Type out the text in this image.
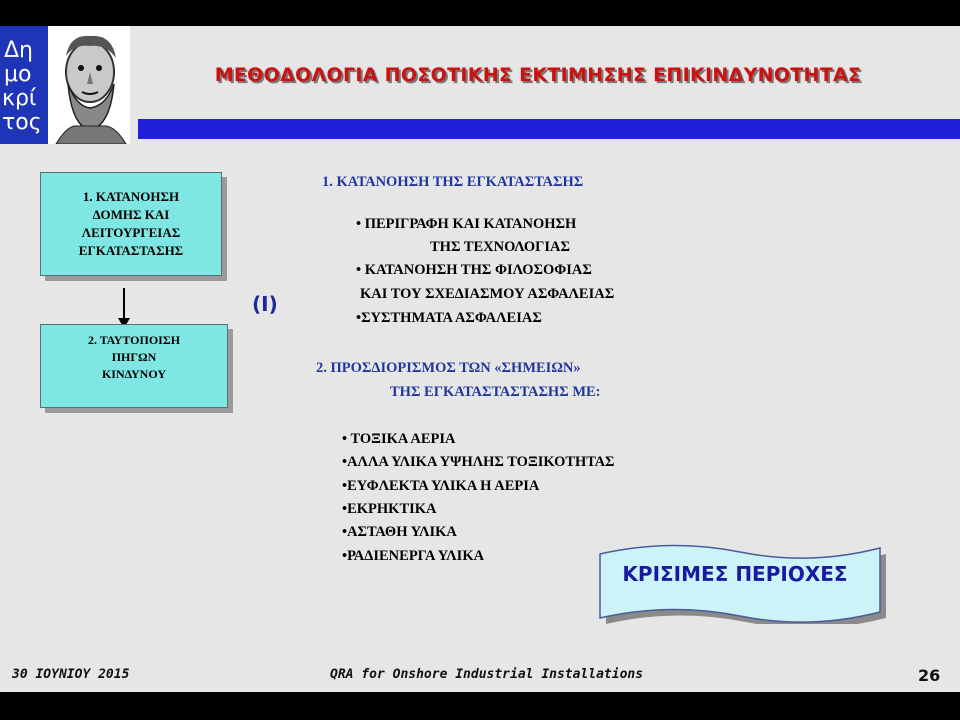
Δη
μο
κρί
τος
ΜΕΘΟΔΟΛΟΓΙΑ ΠΟΣΟΤΙΚΗΣ ΕΚΤΙΜΗΣΗΣ ΕΠΙΚΙΝΔΥΝΟΤΗΤΑΣ
1. ΚΑΤΑΝΟΗΣΗ
ΔΟΜΗΣ ΚΑΙ
ΛΕΙΤΟΥΡΓΕΙΑΣ
ΕΓΚΑΤΑΣΤΑΣΗΣ
2. ΤΑΥΤΟΠΟΙΣΗ
ΠΗΓΩΝ
ΚΙΝΔΥΝΟΥ
(I)
1. ΚΑΤΑΝΟΗΣΗ ΤΗΣ ΕΓΚΑΤΑΣΤΑΣΗΣ
• ΠΕΡΙΓΡΑΦΗ ΚΑΙ ΚΑΤΑΝΟΗΣΗ
ΤΗΣ ΤΕΧΝΟΛΟΓΙΑΣ
• ΚΑΤΑΝΟΗΣΗ ΤΗΣ ΦΙΛΟΣΟΦΙΑΣ
ΚΑΙ ΤΟΥ ΣΧΕΔΙΑΣΜΟΥ ΑΣΦΑΛΕΙΑΣ
•ΣΥΣΤΗΜΑΤΑ ΑΣΦΑΛΕΙΑΣ
2. ΠΡΟΣΔΙΟΡΙΣΜΟΣ ΤΩΝ «ΣΗΜΕΙΩΝ»
ΤΗΣ ΕΓΚΑΤΑΣΤΑΣΤΑΣΗΣ ΜΕ:
• ΤΟΞΙΚΑ ΑΕΡΙΑ
•ΑΛΛΑ ΥΛΙΚΑ ΥΨΗΛΗΣ ΤΟΞΙΚΟΤΗΤΑΣ
•ΕΥΦΛΕΚΤΑ ΥΛΙΚΑ Η ΑΕΡΙΑ
•ΕΚΡΗΚΤΙΚΑ
•ΑΣΤΑΘΗ ΥΛΙΚΑ
•ΡΑΔΙΕΝΕΡΓΑ ΥΛΙΚΑ
ΚΡΙΣΙΜΕΣ ΠΕΡΙΟΧΕΣ
30 ΙΟΥΝΙΟΥ 2015	QRA for Onshore Industrial Installations	26
